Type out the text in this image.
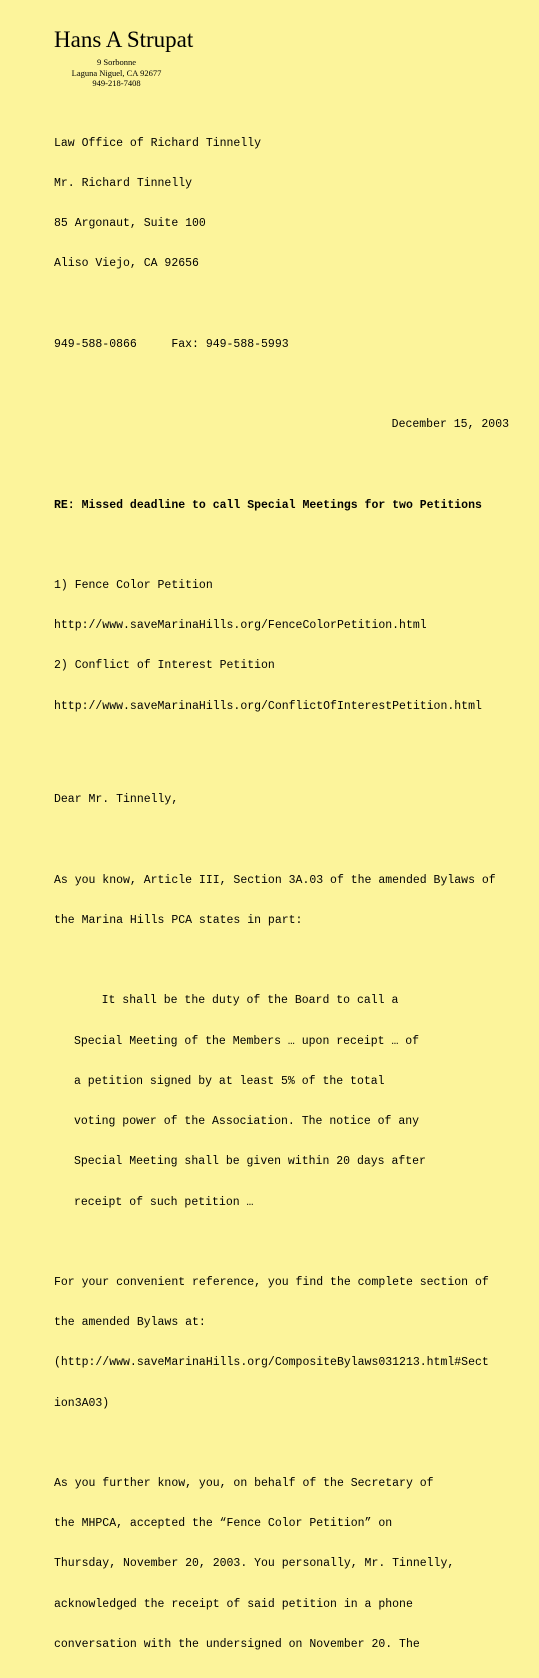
Hans A Strupat
9 Sorbonne
Laguna Niguel, CA 92677
949-218-7408

Law Office of Richard Tinnelly

Mr. Richard Tinnelly

85 Argonaut, Suite 100

Aliso Viejo, CA 92656

949-588-0866     Fax: 949-588-5993

December 15, 2003

RE: Missed deadline to call Special Meetings for two Petitions

1) Fence Color Petition

http://www.saveMarinaHills.org/FenceColorPetition.html

2) Conflict of Interest Petition

http://www.saveMarinaHills.org/ConflictOfInterestPetition.html

Dear Mr. Tinnelly,

As you know, Article III, Section 3A.03 of the amended Bylaws of

the Marina Hills PCA states in part:

It shall be the duty of the Board to call a

Special Meeting of the Members … upon receipt … of

a petition signed by at least 5% of the total

voting power of the Association. The notice of any

Special Meeting shall be given within 20 days after

receipt of such petition …

For your convenient reference, you find the complete section of

the amended Bylaws at:

(http://www.saveMarinaHills.org/CompositeBylaws031213.html#Sect

ion3A03)

As you further know, you, on behalf of the Secretary of

the MHPCA, accepted the “Fence Color Petition” on

Thursday, November 20, 2003. You personally, Mr. Tinnelly,

acknowledged the receipt of said petition in a phone

conversation with the undersigned on November 20. The
